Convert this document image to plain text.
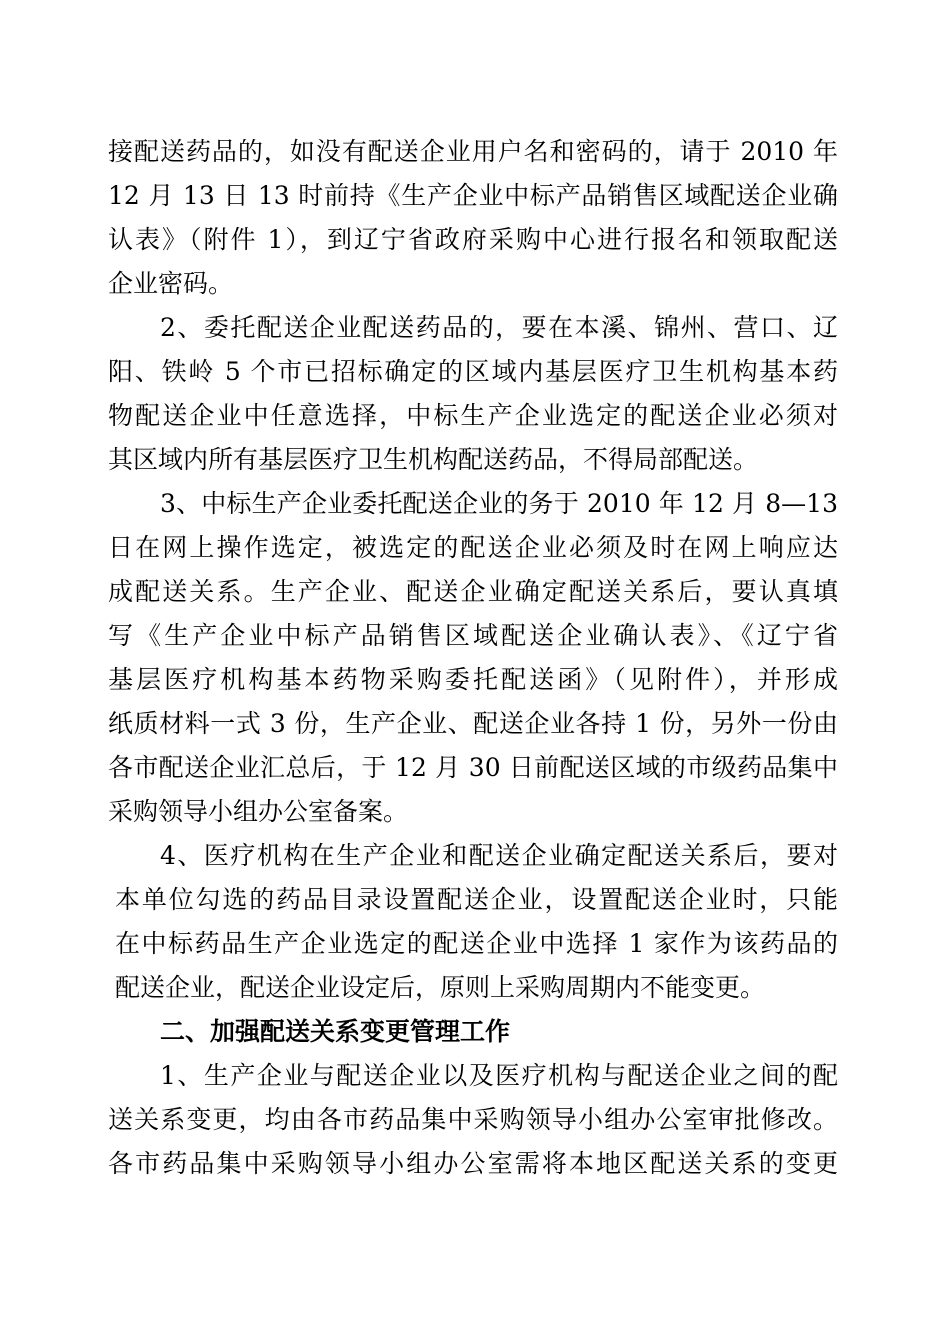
接配送药品的，如没有配送企业用户名和密码的，请于 2010 年

12 月 13 日 13 时前持《生产企业中标产品销售区域配送企业确

认表》（附件 1），到辽宁省政府采购中心进行报名和领取配送

企业密码。

2、委托配送企业配送药品的，要在本溪、锦州、营口、辽

阳、铁岭 5 个市已招标确定的区域内基层医疗卫生机构基本药

物配送企业中任意选择，中标生产企业选定的配送企业必须对

其区域内所有基层医疗卫生机构配送药品，不得局部配送。

3、中标生产企业委托配送企业的务于 2010 年 12 月 8—13

日在网上操作选定，被选定的配送企业必须及时在网上响应达

成配送关系。生产企业、配送企业确定配送关系后，要认真填

写《生产企业中标产品销售区域配送企业确认表》、《辽宁省

基层医疗机构基本药物采购委托配送函》（见附件），并形成

纸质材料一式 3 份，生产企业、配送企业各持 1 份，另外一份由

各市配送企业汇总后，于 12 月 30 日前配送区域的市级药品集中

采购领导小组办公室备案。

4、医疗机构在生产企业和配送企业确定配送关系后，要对

本单位勾选的药品目录设置配送企业，设置配送企业时，只能

在中标药品生产企业选定的配送企业中选择 1 家作为该药品的

配送企业，配送企业设定后，原则上采购周期内不能变更。

二、加强配送关系变更管理工作

1、生产企业与配送企业以及医疗机构与配送企业之间的配

送关系变更，均由各市药品集中采购领导小组办公室审批修改。

各市药品集中采购领导小组办公室需将本地区配送关系的变更
